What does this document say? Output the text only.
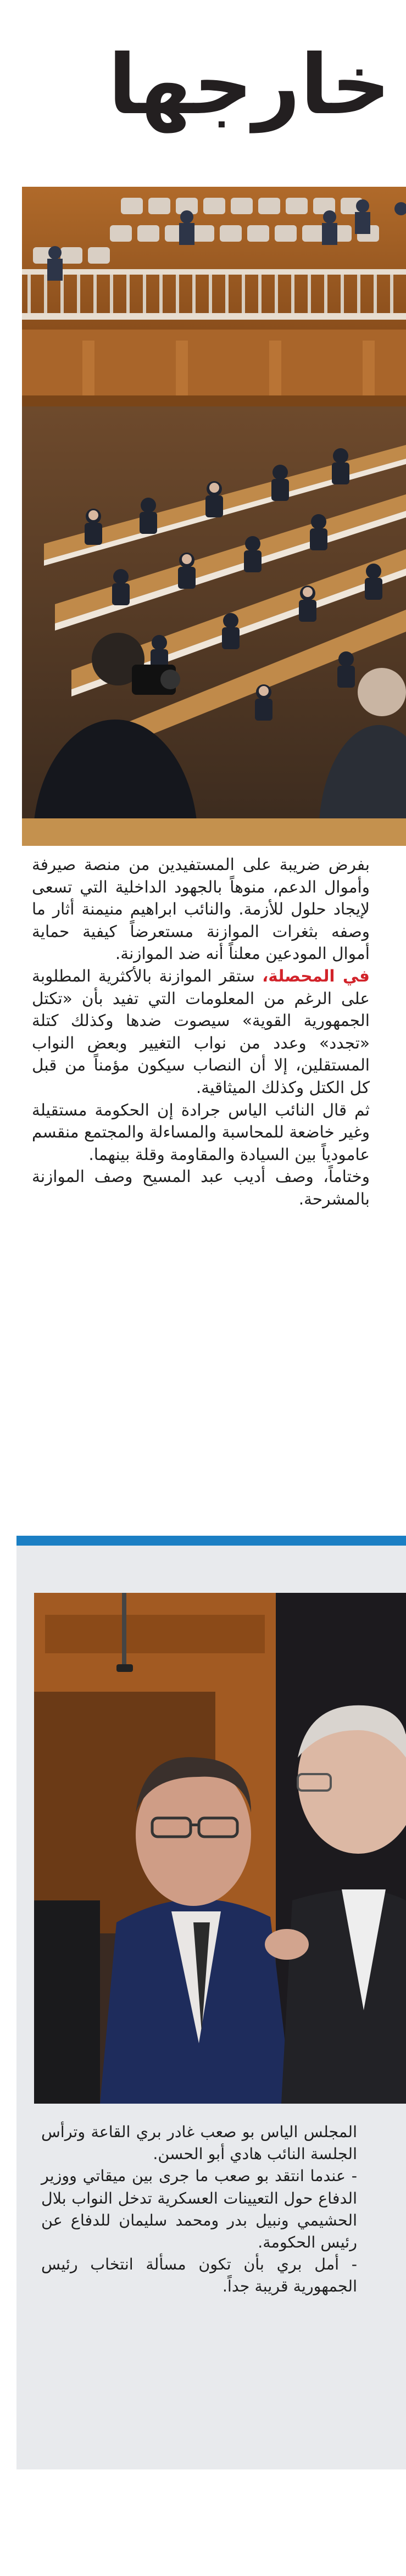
خارجها

بفرض ضريبة على المستفيدين من منصة صيرفة وأموال الدعم، منوهاً بالجهود الداخلية التي تسعى لإيجاد حلول للأزمة. والنائب ابراهيم منيمنة أثار ما وصفه بثغرات الموازنة مستعرضاً كيفية حماية أموال المودعين معلناً أنه ضد الموازنة.

في المحصلة، ستقر الموازنة بالأكثرية المطلوبة على الرغم من المعلومات التي تفيد بأن «تكتل الجمهورية القوية» سيصوت ضدها وكذلك كتلة «تجدد» وعدد من نواب التغيير وبعض النواب المستقلين، إلا أن النصاب سيكون مؤمناً من قبل كل الكتل وكذلك الميثاقية.

ثم قال النائب الياس جرادة إن الحكومة مستقيلة وغير خاضعة للمحاسبة والمساءلة والمجتمع منقسم عامودياً بين السيادة والمقاومة وقلة بينهما.

وختاماً، وصف أديب عبد المسيح وصف الموازنة بالمشرحة.

المجلس الياس بو صعب غادر بري القاعة وترأس الجلسة النائب هادي أبو الحسن.

- عندما انتقد بو صعب ما جرى بين ميقاتي ووزير الدفاع حول التعيينات العسكرية تدخل النواب بلال الحشيمي ونبيل بدر ومحمد سليمان للدفاع عن رئيس الحكومة.

- أمل بري بأن تكون مسألة انتخاب رئيس الجمهورية قريبة جداً.
